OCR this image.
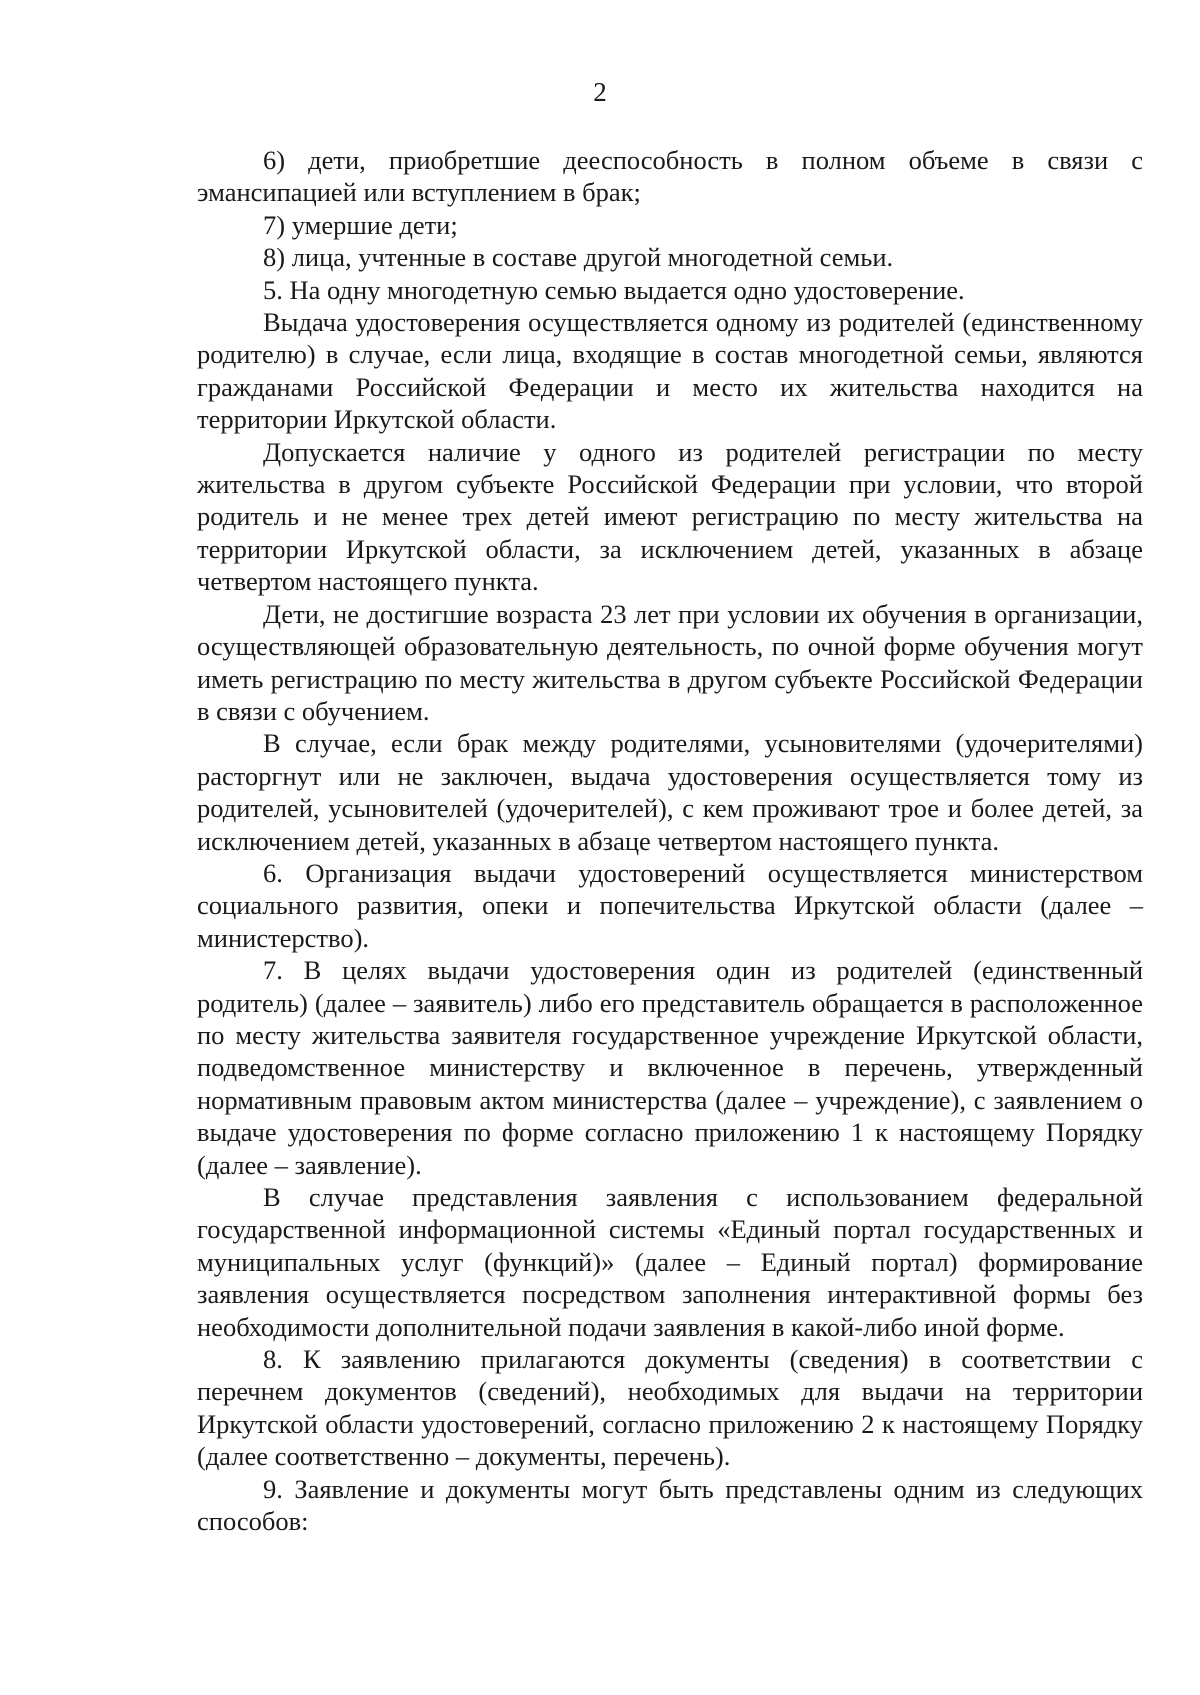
2

6) дети, приобретшие дееспособность в полном объеме в связи с эмансипацией или вступлением в брак;

7) умершие дети;

8) лица, учтенные в составе другой многодетной семьи.

5. На одну многодетную семью выдается одно удостоверение.

Выдача удостоверения осуществляется одному из родителей (единственному родителю) в случае, если лица, входящие в состав многодетной семьи, являются гражданами Российской Федерации и место их жительства находится на территории Иркутской области.

Допускается наличие у одного из родителей регистрации по месту жительства в другом субъекте Российской Федерации при условии, что второй родитель и не менее трех детей имеют регистрацию по месту жительства на территории Иркутской области, за исключением детей, указанных в абзаце четвертом настоящего пункта.

Дети, не достигшие возраста 23 лет при условии их обучения в организации, осуществляющей образовательную деятельность, по очной форме обучения могут иметь регистрацию по месту жительства в другом субъекте Российской Федерации в связи с обучением.

В случае, если брак между родителями, усыновителями (удочерителями) расторгнут или не заключен, выдача удостоверения осуществляется тому из родителей, усыновителей (удочерителей), с кем проживают трое и более детей, за исключением детей, указанных в абзаце четвертом настоящего пункта.

6. Организация выдачи удостоверений осуществляется министерством социального развития, опеки и попечительства Иркутской области (далее – министерство).

7. В целях выдачи удостоверения один из родителей (единственный родитель) (далее – заявитель) либо его представитель обращается в расположенное по месту жительства заявителя государственное учреждение Иркутской области, подведомственное министерству и включенное в перечень, утвержденный нормативным правовым актом министерства (далее – учреждение), с заявлением о выдаче удостоверения по форме согласно приложению 1 к настоящему Порядку (далее – заявление).

В случае представления заявления с использованием федеральной государственной информационной системы «Единый портал государственных и муниципальных услуг (функций)» (далее – Единый портал) формирование заявления осуществляется посредством заполнения интерактивной формы без необходимости дополнительной подачи заявления в какой-либо иной форме.

8. К заявлению прилагаются документы (сведения) в соответствии с перечнем документов (сведений), необходимых для выдачи на территории Иркутской области удостоверений, согласно приложению 2 к настоящему Порядку (далее соответственно – документы, перечень).

9. Заявление и документы могут быть представлены одним из следующих способов:
